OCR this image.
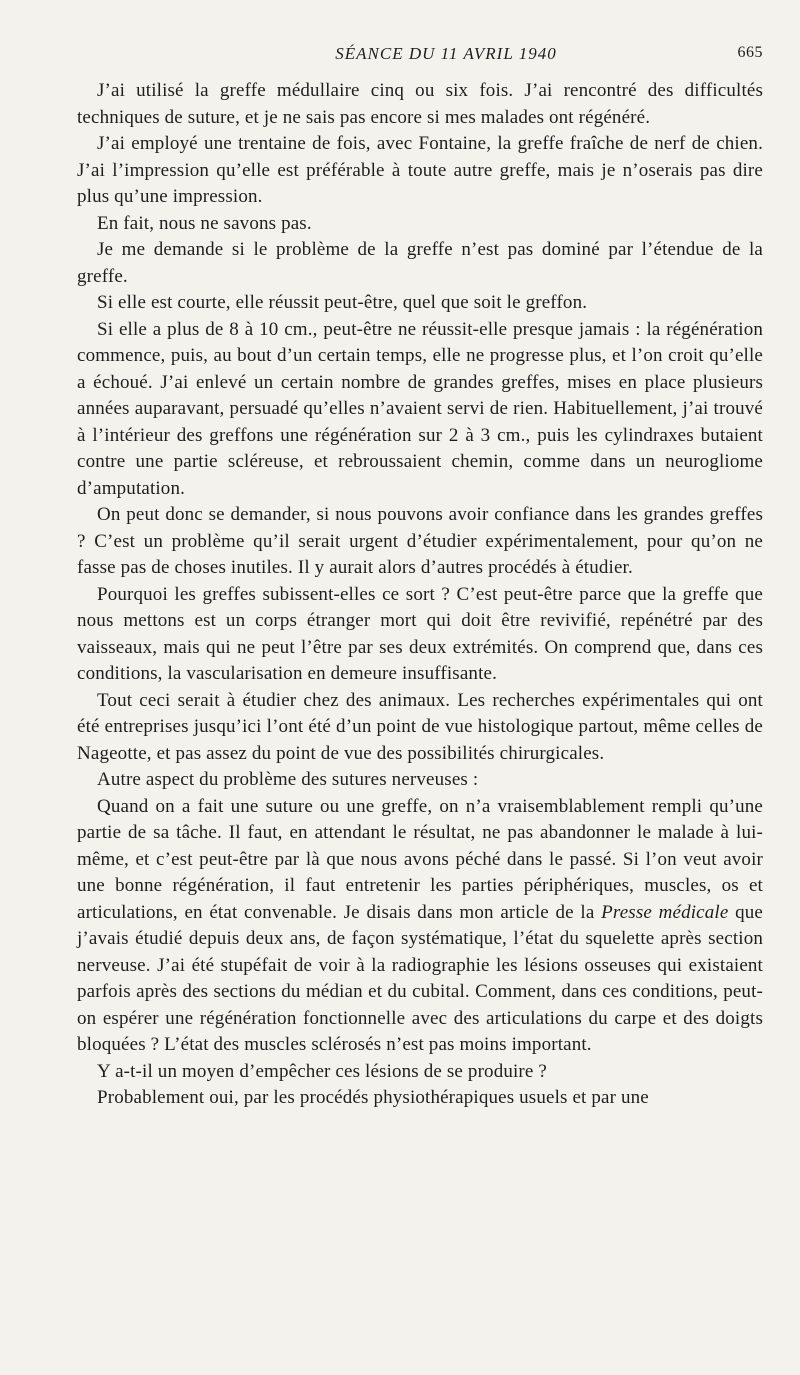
SÉANCE DU 11 AVRIL 1940	665

J’ai utilisé la greffe médullaire cinq ou six fois. J’ai rencontré des difficultés techniques de suture, et je ne sais pas encore si mes malades ont régénéré.

J’ai employé une trentaine de fois, avec Fontaine, la greffe fraîche de nerf de chien. J’ai l’impression qu’elle est préférable à toute autre greffe, mais je n’oserais pas dire plus qu’une impression.

En fait, nous ne savons pas.

Je me demande si le problème de la greffe n’est pas dominé par l’étendue de la greffe.

Si elle est courte, elle réussit peut-être, quel que soit le greffon.

Si elle a plus de 8 à 10 cm., peut-être ne réussit-elle presque jamais : la régénération commence, puis, au bout d’un certain temps, elle ne progresse plus, et l’on croit qu’elle a échoué. J’ai enlevé un certain nombre de grandes greffes, mises en place plusieurs années auparavant, persuadé qu’elles n’avaient servi de rien. Habituellement, j’ai trouvé à l’intérieur des greffons une régénération sur 2 à 3 cm., puis les cylindraxes butaient contre une partie scléreuse, et rebroussaient chemin, comme dans un neurogliome d’amputation.

On peut donc se demander, si nous pouvons avoir confiance dans les grandes greffes ? C’est un problème qu’il serait urgent d’étudier expérimentalement, pour qu’on ne fasse pas de choses inutiles. Il y aurait alors d’autres procédés à étudier.

Pourquoi les greffes subissent-elles ce sort ? C’est peut-être parce que la greffe que nous mettons est un corps étranger mort qui doit être revivifié, repénétré par des vaisseaux, mais qui ne peut l’être par ses deux extrémités. On comprend que, dans ces conditions, la vascularisation en demeure insuffisante.

Tout ceci serait à étudier chez des animaux. Les recherches expérimentales qui ont été entreprises jusqu’ici l’ont été d’un point de vue histologique partout, même celles de Nageotte, et pas assez du point de vue des possibilités chirurgicales.

Autre aspect du problème des sutures nerveuses :

Quand on a fait une suture ou une greffe, on n’a vraisemblablement rempli qu’une partie de sa tâche. Il faut, en attendant le résultat, ne pas abandonner le malade à lui-même, et c’est peut-être par là que nous avons péché dans le passé. Si l’on veut avoir une bonne régénération, il faut entretenir les parties périphériques, muscles, os et articulations, en état convenable. Je disais dans mon article de la Presse médicale que j’avais étudié depuis deux ans, de façon systématique, l’état du squelette après section nerveuse. J’ai été stupéfait de voir à la radiographie les lésions osseuses qui existaient parfois après des sections du médian et du cubital. Comment, dans ces conditions, peut-on espérer une régénération fonctionnelle avec des articulations du carpe et des doigts bloquées ? L’état des muscles sclérosés n’est pas moins important.

Y a-t-il un moyen d’empêcher ces lésions de se produire ?

Probablement oui, par les procédés physiothérapiques usuels et par une
